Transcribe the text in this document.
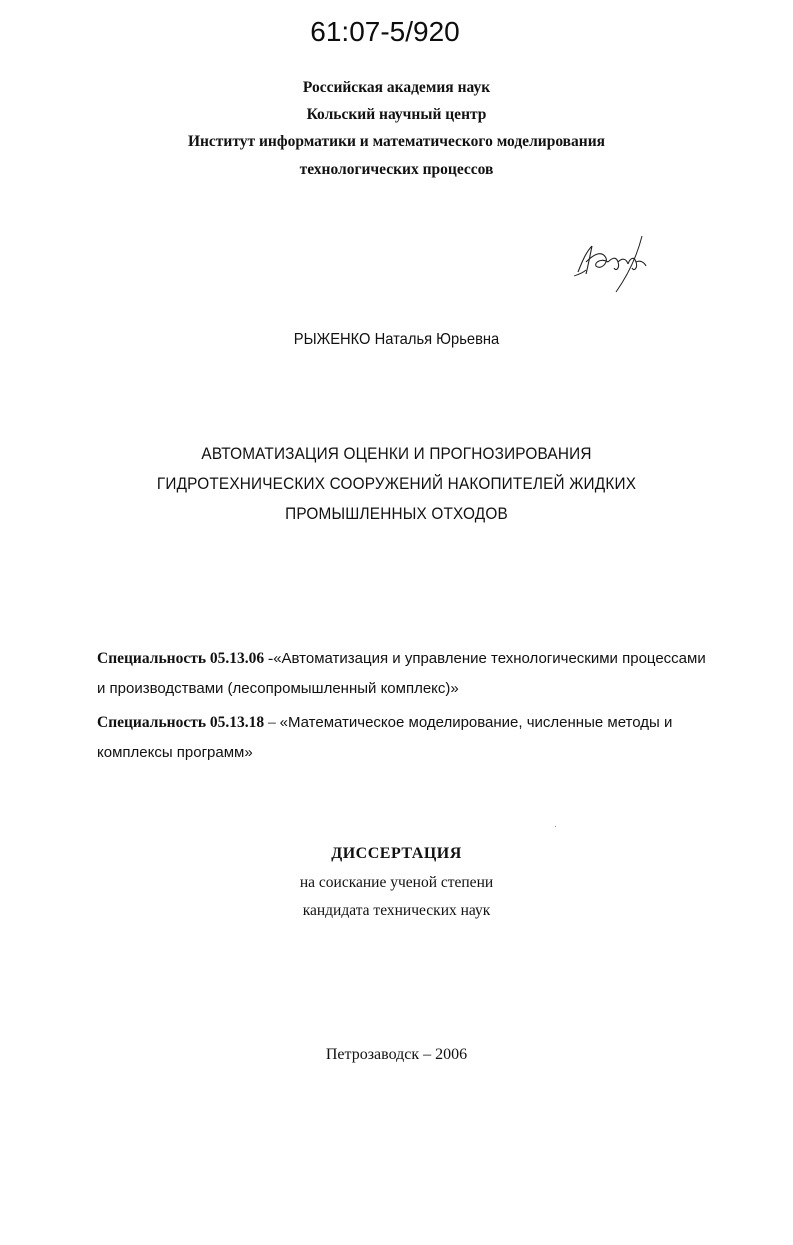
61:07-5/920
Российская академия наук
Кольский научный центр
Институт информатики и математического моделирования
технологических процессов
РЫЖЕНКО Наталья Юрьевна
АВТОМАТИЗАЦИЯ ОЦЕНКИ И ПРОГНОЗИРОВАНИЯ
ГИДРОТЕХНИЧЕСКИХ СООРУЖЕНИЙ НАКОПИТЕЛЕЙ ЖИДКИХ
ПРОМЫШЛЕННЫХ ОТХОДОВ
Специальность 05.13.06 -«Автоматизация и управление технологическими процессами и производствами (лесопромышленный комплекс)»
Специальность 05.13.18 – «Математическое моделирование, численные методы и комплексы программ»
ДИССЕРТАЦИЯ
на соискание ученой степени
кандидата технических наук
Петрозаводск – 2006
